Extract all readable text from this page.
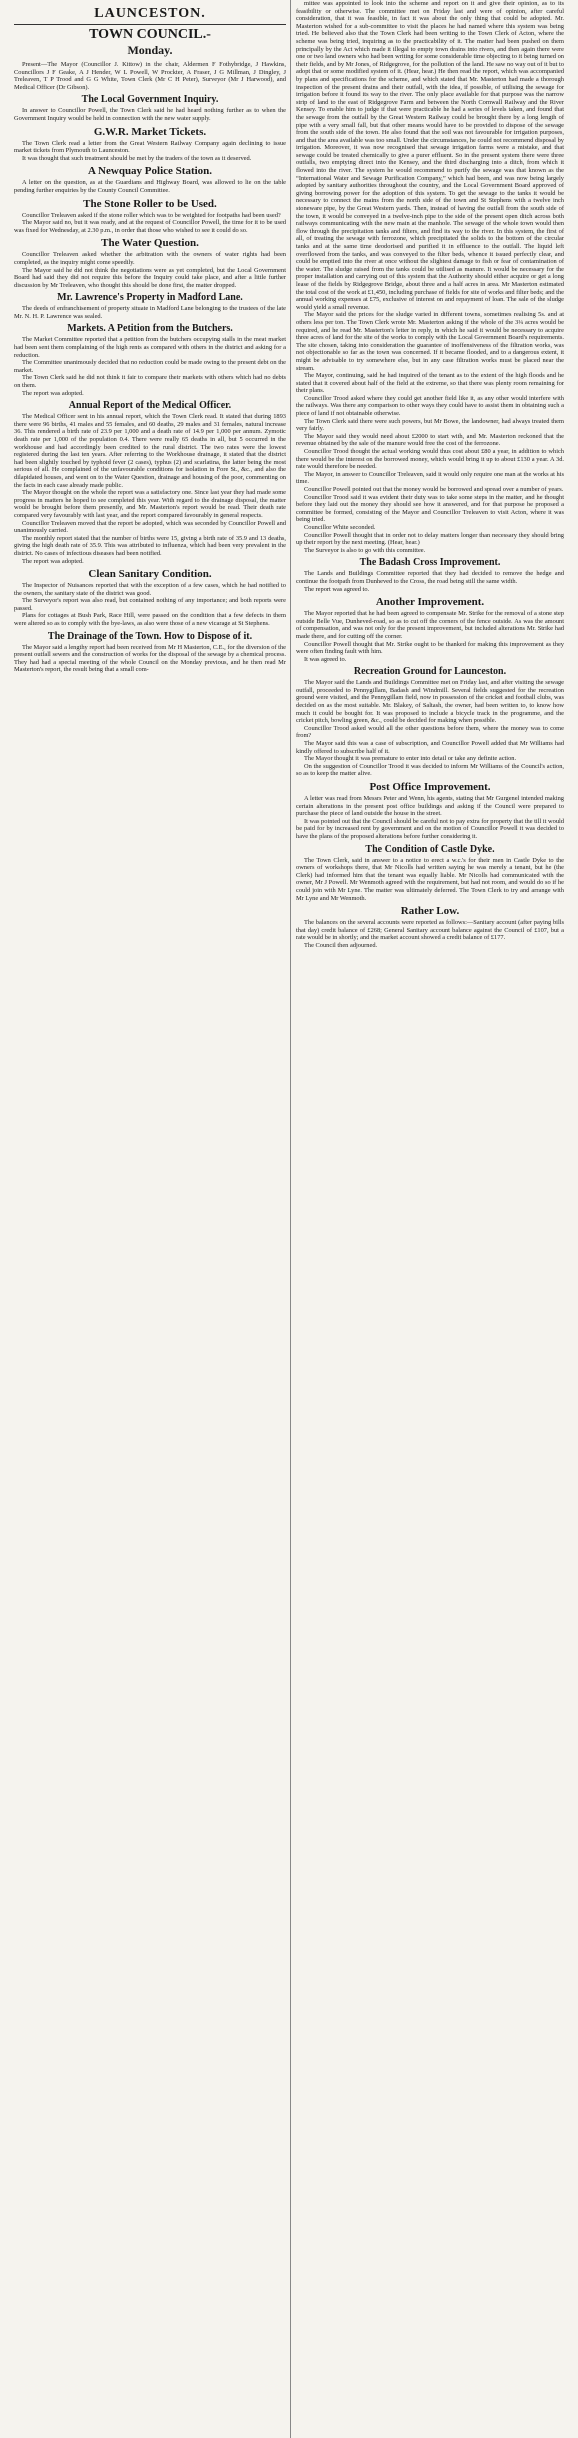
LAUNCESTON.
TOWN COUNCIL.-
Monday.

Present—The Mayor (Councillor J. Kittow) in the chair, Aldermen F Fothybridge, J Hawkins, Councillors J F Geake, A J Hender, W L Powell, W Prockter, A Fraser, J G Millman, J Dingley, J Treleaven, T P Trood and G G White, Town Clerk (Mr C H Peter), Surveyor (Mr J Harwood), and Medical Officer (Dr Gibson).

The Local Government Inquiry.

In answer to Councillor Powell, the Town Clerk said he had heard nothing further as to when the Government Inquiry would be held in connection with the new water supply.

G.W.R. Market Tickets.

The Town Clerk read a letter from the Great Western Railway Company again declining to issue market tickets from Plymouth to Launceston.

It was thought that such treatment should be met by the traders of the town as it deserved.

A Newquay Police Station.

A letter on the question, as at the Guardians and Highway Board, was allowed to lie on the table pending further enquiries by the County Council Committee.

The Stone Roller to be Used.

Councillor Treleaven asked if the stone roller which was to be weighted for footpaths had been used?

The Mayor said no, but it was ready, and at the request of Councillor Powell, the time for it to be used was fixed for Wednesday, at 2.30 p.m., in order that those who wished to see it could do so.

The Water Question.

Councillor Treleaven asked whether the arbitration with the owners of water rights had been completed, as the inquiry might come speedily.

The Mayor said he did not think the negotiations were as yet completed, but the Local Government Board had said they did not require this before the Inquiry could take place, and after a little further discussion by Mr Treleaven, who thought this should be done first, the matter dropped.

Mr. Lawrence's Property in Madford Lane.

The deeds of enfranchisement of property situate in Madford Lane belonging to the trustees of the late Mr. N. H. P. Lawrence was sealed.

Markets. A Petition from the Butchers.

The Market Committee reported that a petition from the butchers occupying stalls in the meat market had been sent them complaining of the high rents as compared with others in the district and asking for a reduction.

The Committee unanimously decided that no reduction could be made owing to the present debt on the market.

The Town Clerk said he did not think it fair to compare their markets with others which had no debts on them.

The report was adopted.

Annual Report of the Medical Officer.

The Medical Officer sent in his annual report, which the Town Clerk read. It stated that during 1893 there were 96 births, 41 males and 55 females, and 60 deaths, 29 males and 31 females, natural increase 36. This rendered a birth rate of 23.9 per 1,000 and a death rate of 14.9 per 1,000 per annum. Zymotic death rate per 1,000 of the population 0.4. There were really 65 deaths in all, but 5 occurred in the workhouse and had accordingly been credited to the rural district. The two rates were the lowest registered during the last ten years. After referring to the Workhouse drainage, it stated that the district had been slightly touched by typhoid fever (2 cases), typhus (2) and scarlatina, the latter being the most serious of all. He complained of the unfavourable conditions for isolation in Fore St., &c., and also the dilapidated houses, and went on to the Water Question, drainage and housing of the poor, commenting on the facts in each case already made public.

The Mayor thought on the whole the report was a satisfactory one. Since last year they had made some progress in matters he hoped to see completed this year. With regard to the drainage disposal, the matter would be brought before them presently, and Mr. Masterton's report would be read. Their death rate compared very favourably with last year, and the report compared favourably in general respects.

Councillor Treleaven moved that the report be adopted, which was seconded by Councillor Powell and unanimously carried.

The monthly report stated that the number of births were 15, giving a birth rate of 35.9 and 13 deaths, giving the high death rate of 35.9. This was attributed to influenza, which had been very prevalent in the district. No cases of infectious diseases had been notified.

The report was adopted.

Clean Sanitary Condition.

The Inspector of Nuisances reported that with the exception of a few cases, which he had notified to the owners, the sanitary state of the district was good.

The Surveyor's report was also read, but contained nothing of any importance; and both reports were passed.

Plans for cottages at Bush Park, Race Hill, were passed on the condition that a few defects in them were altered so as to comply with the bye-laws, as also were those of a new vicarage at St Stephens.

The Drainage of the Town. How to Dispose of it.

The Mayor said a lengthy report had been received from Mr H Masterton, C.E., for the diversion of the present outfall sewers and the construction of works for the disposal of the sewage by a chemical process. They had had a special meeting of the whole Council on the Monday previous, and he then read Mr Masterton's report, the result being that a small com-

mittee was appointed to look into the scheme and report on it and give their opinion, as to its feasibility or otherwise. The committee met on Friday last and were of opinion, after careful consideration, that it was feasible, in fact it was about the only thing that could be adopted. Mr. Masterton wished for a sub-committee to visit the places he had named where this system was being tried. He believed also that the Town Clerk had been writing to the Town Clerk of Acton, where the scheme was being tried, inquiring as to the practicability of it. The matter had been pushed on them principally by the Act which made it illegal to empty town drains into rivers, and then again there were one or two land owners who had been writing for some considerable time objecting to it being turned on their fields, and by Mr Jones, of Ridgegrove, for the pollution of the land. He saw no way out of it but to adopt that or some modified system of it. (Hear, hear.) He then read the report, which was accompanied by plans and specifications for the scheme, and which stated that Mr. Masterton had made a thorough inspection of the present drains and their outfall, with the idea, if possible, of utilising the sewage for irrigation before it found its way to the river. The only place available for that purpose was the narrow strip of land to the east of Ridgegrove Farm and between the North Cornwall Railway and the River Kensey. To enable him to judge if that were practicable he had a series of levels taken, and found that the sewage from the outfall by the Great Western Railway could be brought there by a long length of pipe with a very small fall, but that other means would have to be provided to dispose of the sewage from the south side of the town. He also found that the soil was not favourable for irrigation purposes, and that the area available was too small. Under the circumstances, he could not recommend disposal by irrigation. Moreover, it was now recognised that sewage irrigation farms were a mistake, and that sewage could be treated chemically to give a purer effluent. So in the present system there were three outfalls, two emptying direct into the Kensey, and the third discharging into a ditch, from which it flowed into the river. The system he would recommend to purify the sewage was that known as the “International Water and Sewage Purification Company,” which had been, and was now being largely adopted by sanitary authorities throughout the country, and the Local Government Board approved of giving borrowing power for the adoption of this system. To get the sewage to the tanks it would be necessary to connect the mains from the north side of the town and St Stephens with a twelve inch stoneware pipe, by the Great Western yards. Then, instead of having the outfall from the south side of the town, it would be conveyed in a twelve-inch pipe to the side of the present open ditch across both railways communicating with the new main at the manhole. The sewage of the whole town would then flow through the precipitation tanks and filters, and find its way to the river. In this system, the first of all, of treating the sewage with ferrozone, which precipitated the solids to the bottom of the circular tanks and at the same time deodorised and purified it in effluence to the outfall. The liquid left overflowed from the tanks, and was conveyed to the filter beds, whence it issued perfectly clear, and could be emptied into the river at once without the slightest damage to fish or fear of contamination of the water. The sludge raised from the tanks could be utilised as manure. It would be necessary for the proper installation and carrying out of this system that the Authority should either acquire or get a long lease of the fields by Ridgegrove Bridge, about three and a half acres in area. Mr Masterton estimated the total cost of the work at £1,450, including purchase of fields for site of works and filter beds; and the annual working expenses at £75, exclusive of interest on and repayment of loan. The sale of the sludge would yield a small revenue.

The Mayor said the prices for the sludge varied in different towns, sometimes realising 5s. and at others less per ton. The Town Clerk wrote Mr. Masterton asking if the whole of the 3¼ acres would be required, and he read Mr. Masterton's letter in reply, in which he said it would be necessary to acquire three acres of land for the site of the works to comply with the Local Government Board's requirements. The site chosen, taking into consideration the guarantee of inoffensiveness of the filtration works, was not objectionable so far as the town was concerned. If it became flooded, and to a dangerous extent, it might be advisable to try somewhere else, but in any case filtration works must be placed near the stream.

The Mayor, continuing, said he had inquired of the tenant as to the extent of the high floods and he stated that it covered about half of the field at the extreme, so that there was plenty room remaining for their plans.

Councillor Trood asked where they could get another field like it, as any other would interfere with the railways. Was there any comparison to other ways they could have to assist them in obtaining such a piece of land if not obtainable otherwise.

The Town Clerk said there were such powers, but Mr Bowe, the landowner, had always treated them very fairly.

The Mayor said they would need about £2000 to start with, and Mr. Masterton reckoned that the revenue obtained by the sale of the manure would free the cost of the ferrozone.

Councillor Trood thought the actual working would thus cost about £80 a year, in addition to which there would be the interest on the borrowed money, which would bring it up to about £130 a year. A 3d. rate would therefore be needed.

The Mayor, in answer to Councillor Treleaven, said it would only require one man at the works at his time.

Councillor Powell pointed out that the money would be borrowed and spread over a number of years.

Councillor Trood said it was evident their duty was to take some steps in the matter, and he thought before they laid out the money they should see how it answered, and for that purpose he proposed a committee be formed, consisting of the Mayor and Councillor Treleaven to visit Acton, where it was being tried.

Councillor White seconded.

Councillor Powell thought that in order not to delay matters longer than necessary they should bring up their report by the next meeting. (Hear, hear.)

The Surveyor is also to go with this committee.

The Badash Cross Improvement.

The Lands and Buildings Committee reported that they had decided to remove the hedge and continue the footpath from Dunheved to the Cross, the road being still the same width.

The report was agreed to.

Another Improvement.

The Mayor reported that he had been agreed to compensate Mr. Strike for the removal of a stone step outside Belle Vue, Dunheved-road, so as to cut off the corners of the fence outside. As was the amount of compensation, and was not only for the present improvement, but included alterations Mr. Strike had made there, and for cutting off the corner.

Councillor Powell thought that Mr. Strike ought to be thanked for making this improvement as they were often finding fault with him.

It was agreed to.

Recreation Ground for Launceston.

The Mayor said the Lands and Buildings Committee met on Friday last, and after visiting the sewage outfall, proceeded to Pennygillam, Badash and Windmill. Several fields suggested for the recreation ground were visited, and the Pennygillam field, now in possession of the cricket and football clubs, was decided on as the most suitable. Mr. Blakey, of Saltash, the owner, had been written to, to know how much it could be bought for. It was proposed to include a bicycle track in the programme, and the cricket pitch, bowling green, &c., could be decided for making when possible.

Councillor Trood asked would all the other questions before them, where the money was to come from?

The Mayor said this was a case of subscription, and Councillor Powell added that Mr Williams had kindly offered to subscribe half of it.

The Mayor thought it was premature to enter into detail or take any definite action.

On the suggestion of Councillor Trood it was decided to inform Mr Williams of the Council's action, so as to keep the matter alive.

Post Office Improvement.

A letter was read from Messrs Peter and Wenn, his agents, stating that Mr Gurgenel intended making certain alterations in the present post office buildings and asking if the Council were prepared to purchase the piece of land outside the house in the street.

It was pointed out that the Council should be careful not to pay extra for property that the till it would be paid for by increased rent by government and on the motion of Councillor Powell it was decided to have the plans of the proposed alterations before further considering it.

The Condition of Castle Dyke.

The Town Clerk, said in answer to a notice to erect a w.c.'s for their men in Castle Dyke to the owners of workshops there, that Mr Nicolls had written saying he was merely a tenant, but he (the Clerk) had informed him that the tenant was equally liable. Mr Nicolls had communicated with the owner, Mr J Powell. Mr Wenmoth agreed with the requirement, but had not room, and would do so if he could join with Mr Lyne. The matter was ultimately deferred. The Town Clerk to try and arrange with Mr Lyne and Mr Wenmoth.

Rather Low.

The balances on the several accounts were reported as follows:—Sanitary account (after paying bills that day) credit balance of £268; General Sanitary account balance against the Council of £107, but a rate would be in shortly; and the market account showed a credit balance of £177.

The Council then adjourned.
